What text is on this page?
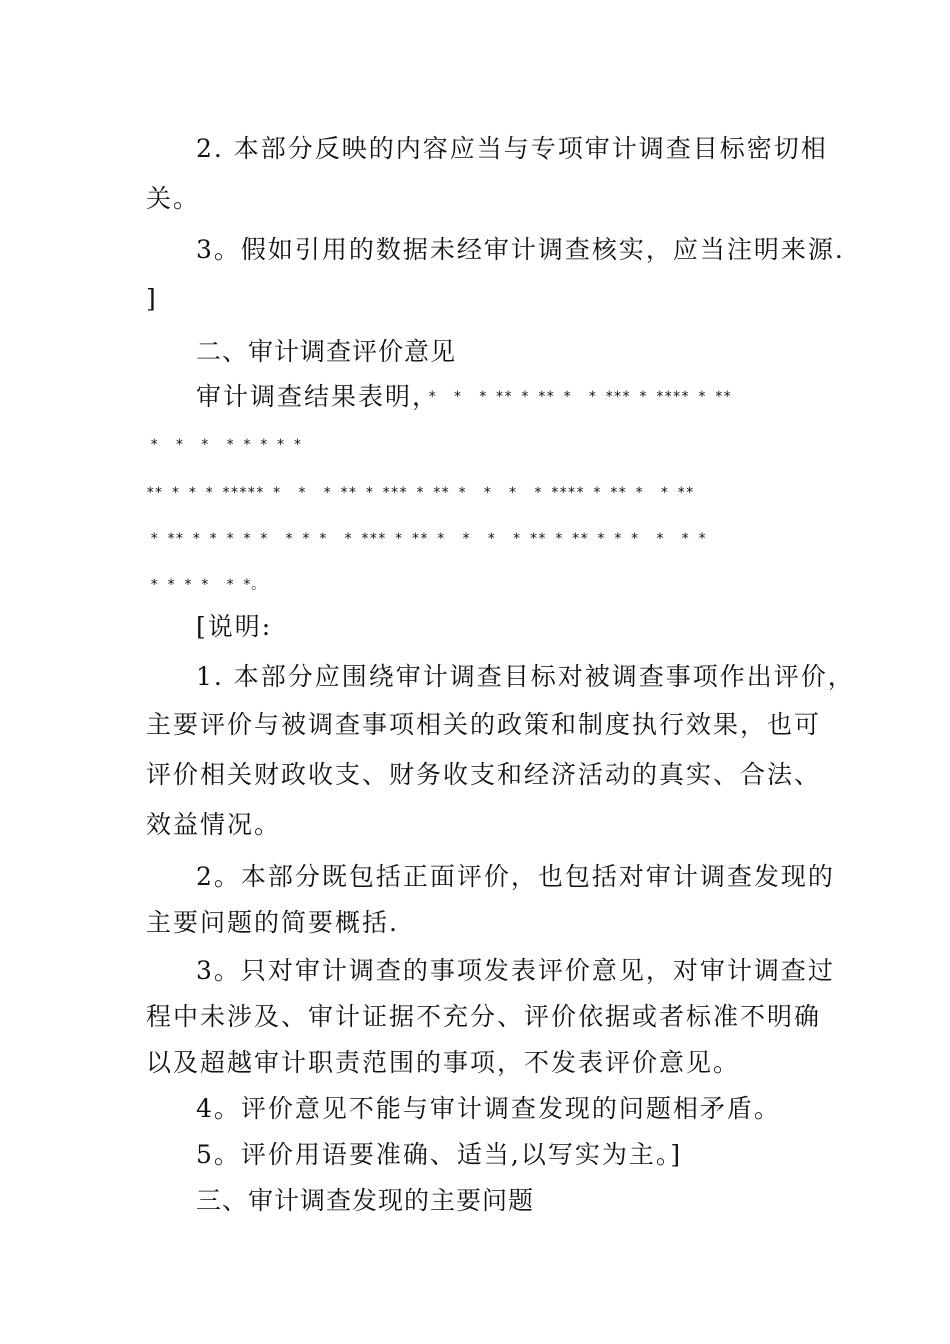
2. 本部分反映的内容应当与专项审计调查目标密切相
关。
3。假如引用的数据未经审计调查核实，应当注明来源.
]
二、审计调查评价意见
审计调查结果表明，
*  *  * ** * ** *  * *** * **** * **
*  *  *  * * * * *
** * * * ***** *  *  * ** * *** * ** *  *  *  * **** * ** *  * **
* ** * * * * *  * * *  * *** * ** *  *  *  * ** * ** * * *  *  * *
* * * *  * *。
[说明:
1. 本部分应围绕审计调查目标对被调查事项作出评价，
主要评价与被调查事项相关的政策和制度执行效果，也可
评价相关财政收支、财务收支和经济活动的真实、合法、
效益情况。
2。本部分既包括正面评价，也包括对审计调查发现的
主要问题的简要概括.
3。只对审计调查的事项发表评价意见，对审计调查过
程中未涉及、审计证据不充分、评价依据或者标准不明确
以及超越审计职责范围的事项，不发表评价意见。
4。评价意见不能与审计调查发现的问题相矛盾。
5。评价用语要准确、适当,以写实为主。]
三、审计调查发现的主要问题
